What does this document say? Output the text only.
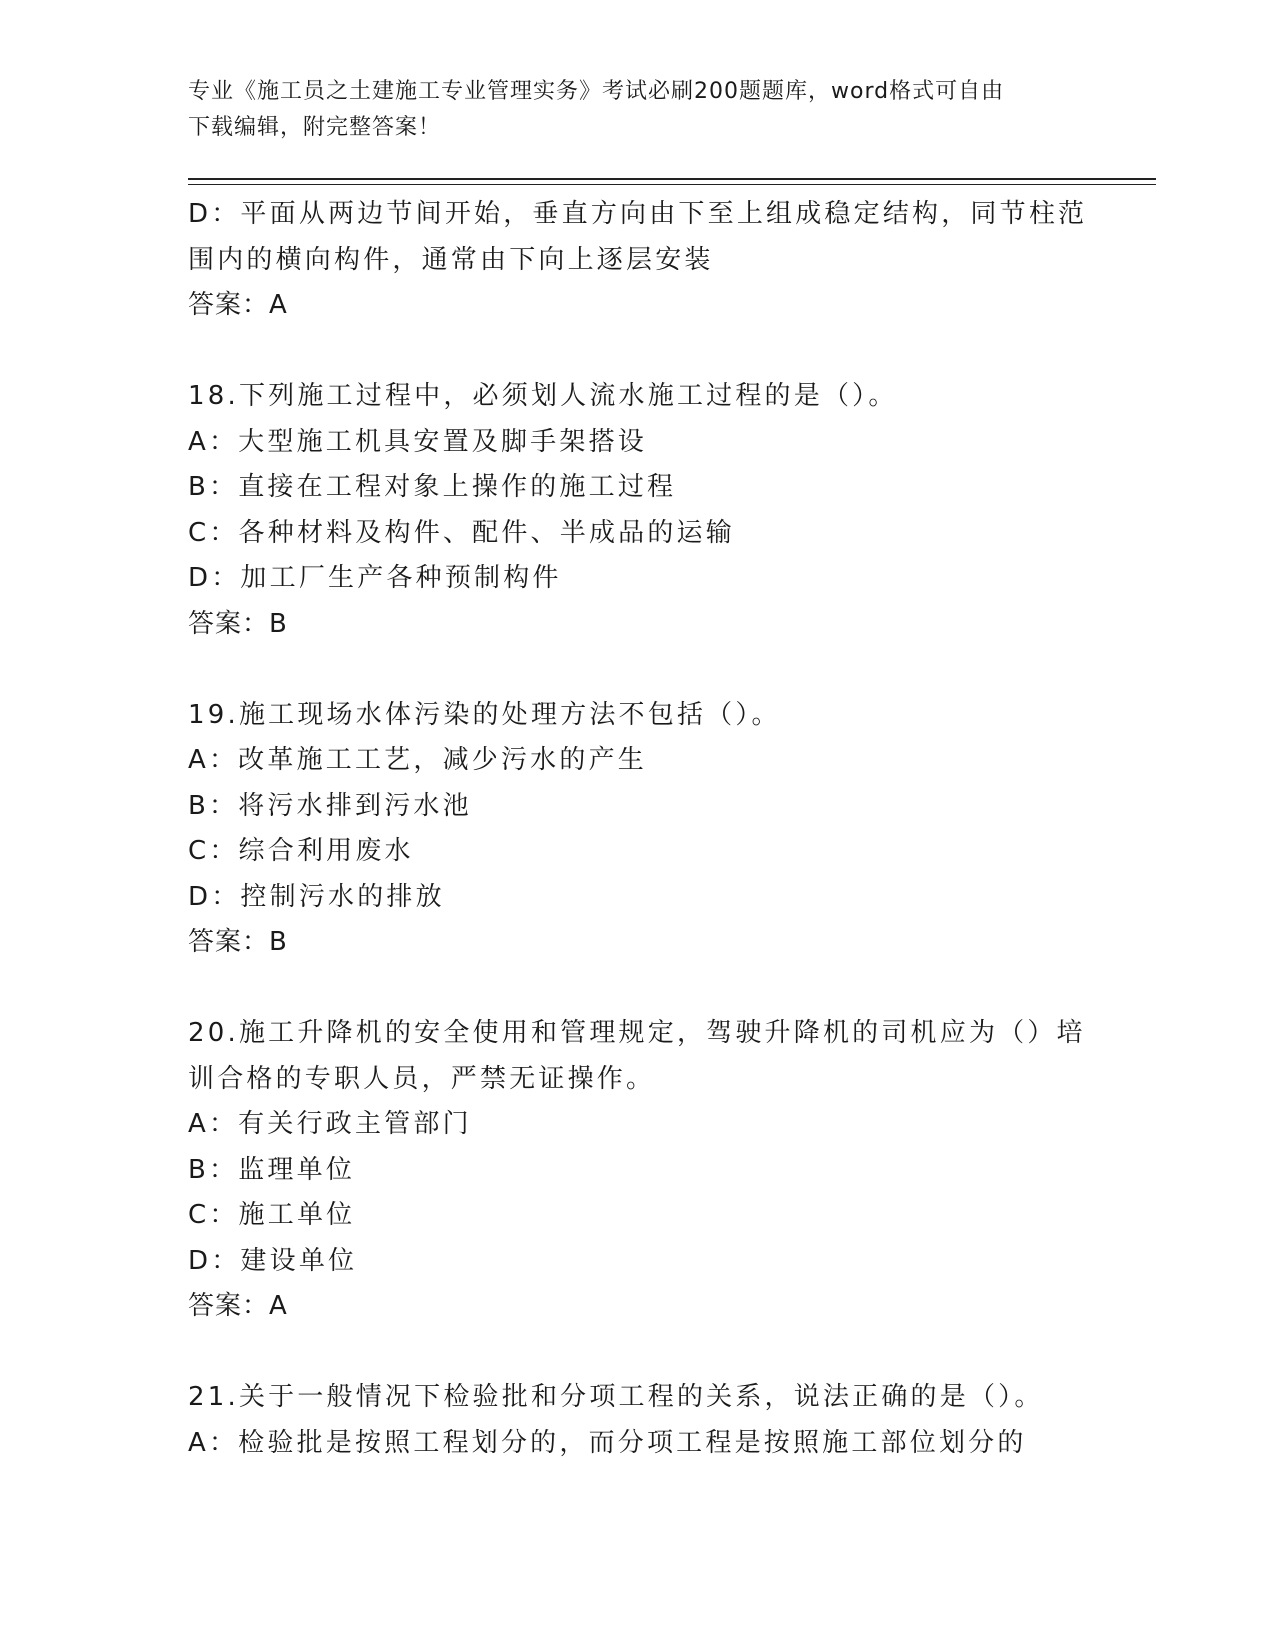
专业《施工员之土建施工专业管理实务》考试必刷200题题库，word格式可自由
下载编辑，附完整答案！
D：平面从两边节间开始，垂直方向由下至上组成稳定结构，同节柱范
围内的横向构件，通常由下向上逐层安装
答案：A
18.下列施工过程中，必须划人流水施工过程的是（）。
A：大型施工机具安置及脚手架搭设
B：直接在工程对象上操作的施工过程
C：各种材料及构件、配件、半成品的运输
D：加工厂生产各种预制构件
答案：B
19.施工现场水体污染的处理方法不包括（）。
A：改革施工工艺，减少污水的产生
B：将污水排到污水池
C：综合利用废水
D：控制污水的排放
答案：B
20.施工升降机的安全使用和管理规定，驾驶升降机的司机应为（）培
训合格的专职人员，严禁无证操作。
A：有关行政主管部门
B：监理单位
C：施工单位
D：建设单位
答案：A
21.关于一般情况下检验批和分项工程的关系，说法正确的是（）。
A：检验批是按照工程划分的，而分项工程是按照施工部位划分的
